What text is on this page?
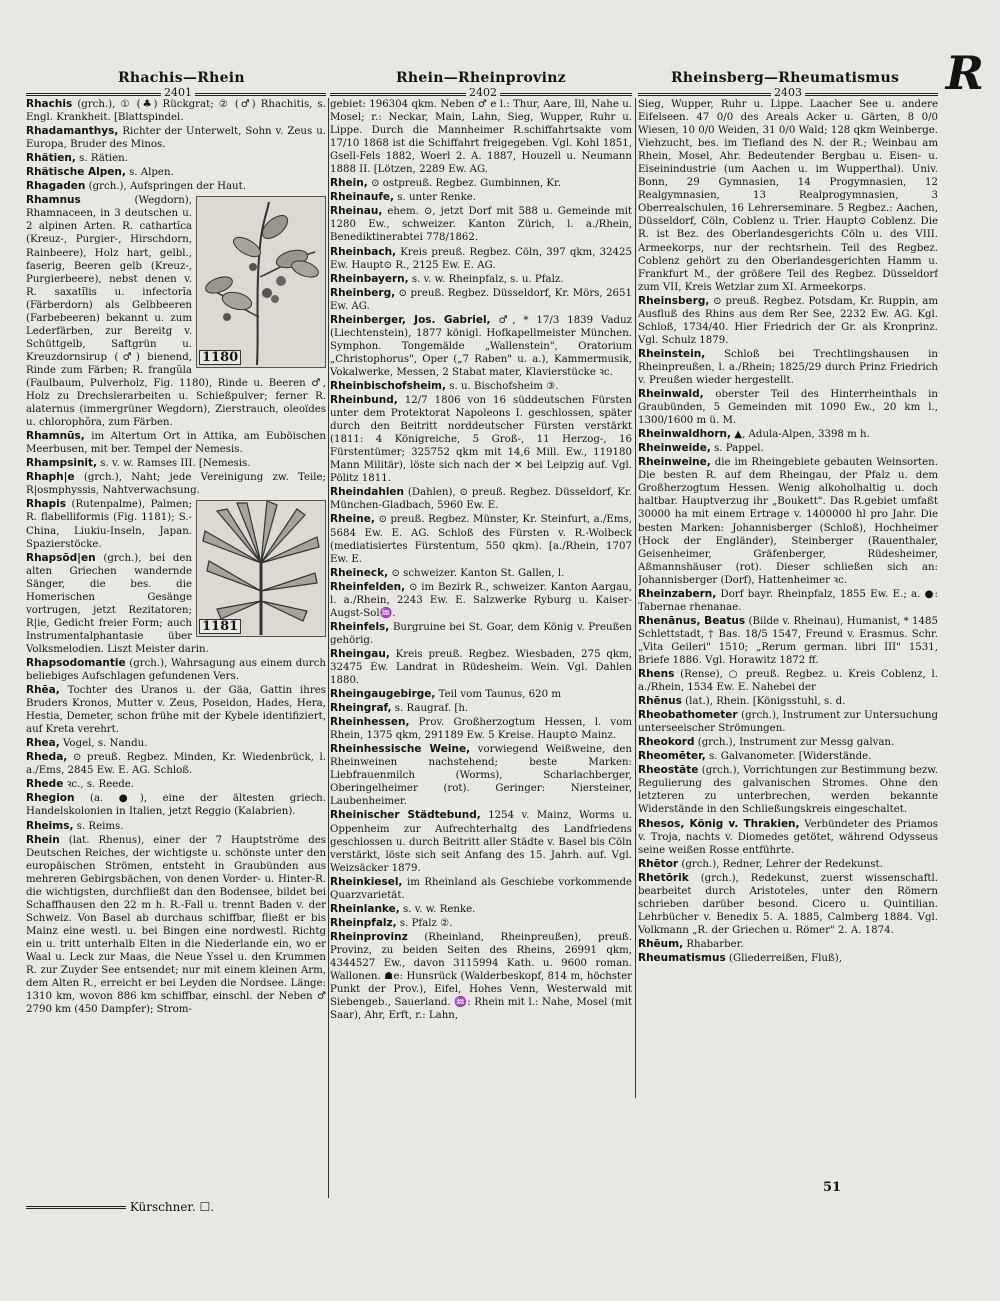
Rhachis—Rhein	Rhein—Rheinprovinz	Rheinsberg—Rheumatismus R
2401	2402	2403

Rhachis (grch.), ① (♣) Rückgrat; ② (♂) Rhachitis, s. Engl. Krankheit. [Blattspindel.

Rhadamanthys, Richter der Unterwelt, Sohn v. Zeus u. Europa, Bruder des Minos.

Rhätien, s. Rätien.

Rhätische Alpen, s. Alpen.

Rhagaden (grch.), Aufspringen der Haut.

1180

Rhamnus	(Wegdorn), Rhamnaceen, in 3 deutschen u. 2 alpinen Arten. R. cathartĭca (Kreuz-, Purgier-, Hirschdorn, Rainbeere), Holz hart, gelbl., faserig, Beeren gelb (Kreuz-, Purgierbeere), nebst denen v. R. saxatĭlis u. infectorĭa (Färberdorn) als Gelbbeeren (Farbebeeren) bekannt u. zum Lederfärben, zur Bereitg v. Schüttgelb, Saftgrün u. Kreuzdornsirup (♂) bienend, Rinde zum Färben; R. frangŭla (Faulbaum, Pulverholz, Fig. 1180), Rinde u. Beeren ♂, Holz zu Drechslerarbeiten u. Schießpulver; ferner R. alaternus (immergrüner Wegdorn), Zierstrauch, oleoïdes u. chlorophŏra, zum Färben.

Rhamnūs, im Altertum Ort in Attika, am Euböischen Meerbusen, mit ber. Tempel der Nemesis.

Rhampsinit, s. v. w. Ramses III. [Nemesis.

Rhaph|e (grch.), Naht; jede Vereinigung zw. Teile; R|osmphyssis, Nahtverwachsung.

1181

Rhapis (Rutenpalme), Palmen; R. flabelliformis (Fig. 1181); S.-China, Liukiu-Inseln, Japan. Spazierstöcke.

Rhapsōd|en (grch.), bei den alten Griechen wandernde Sänger, die bes. die Homerischen Gesänge vortrugen, jetzt Rezitatoren; R|ie, Gedicht freier Form; auch Instrumentalphantasie über Volksmelodien. Liszt Meister darin.

Rhapsodomantie (grch.), Wahrsagung aus einem durch beliebiges Aufschlagen gefundenen Vers.

Rhēa, Tochter des Uranos u. der Gäa, Gattin ihres Bruders Kronos, Mutter v. Zeus, Poseidon, Hades, Hera, Hestia, Demeter, schon frühe mit der Kybele identifiziert, auf Kreta verehrt.

Rhea, Vogel, s. Nandu.

Rheda, ⊙ preuß. Regbez. Minden, Kr. Wiedenbrück, l. a./Ems, 2845 Ew. E. AG. Schloß.

Rhede ꝛc., s. Reede.

Rhegion (a. ●), eine der ältesten griech. Handelskolonien in Italien, jetzt Reggio (Kalabrien).

Rheims, s. Reims.

Rhein (lat. Rhenus), einer der 7 Hauptströme des Deutschen Reiches, der wichtigste u. schönste unter den europäischen Strömen, entsteht in Graubünden aus mehreren Gebirgsbächen, von denen Vorder- u. Hinter-R. die wichtigsten, durchfließt dan den Bodensee, bildet bei Schaffhausen den 22 m h. R.-Fall u. trennt Baden v. der Schweiz. Von Basel ab durchaus schiffbar, fließt er bis Mainz eine westl. u. bei Bingen eine nordwestl. Richtg ein u. tritt unterhalb Elten in die Niederlande ein, wo er Waal u. Leck zur Maas, die Neue Yssel u. den Krummen R. zur Zuyder See entsendet; nur mit einem kleinen Arm, dem Alten R., erreicht er bei Leyden die Nordsee. Länge: 1310 km, wovon 886 km schiffbar, einschl. der Neben ♂ 2790 km (450 Dampfer); Strom-

gebiet: 196304 qkm. Neben ♂ e l.: Thur, Aare, Ill, Nahe u. Mosel; r.: Neckar, Main, Lahn, Sieg, Wupper, Ruhr u. Lippe. Durch die Mannheimer R.schiffahrtsakte vom 17/10 1868 ist die Schiffahrt freigegeben. Vgl. Kohl 1851, Gsell-Fels 1882, Woerl 2. A. 1887, Houzell u. Neumann 1888 II. [Lötzen, 2289 Ew. AG.

Rhein, ⊙ ostpreuß. Regbez. Gumbinnen, Kr.

Rheinaufe, s. unter Renke.

Rheinau, ehem. ⊙, jetzt Dorf mit 588 u. Gemeinde mit 1280 Ew., schweizer. Kanton Zürich, l. a./Rhein, Benediktinerabtei 778/1862.

Rheinbach, Kreis preuß. Regbez. Cöln, 397 qkm, 32425 Ew. Haupt⊙ R., 2125 Ew. E. AG.

Rheinbayern, s. v. w. Rheinpfalz, s. u. Pfalz.

Rheinberg, ⊙ preuß. Regbez. Düsseldorf, Kr. Mörs, 2651 Ew. AG.

Rheinberger, Jos. Gabriel, ♂, * 17/3 1839 Vaduz (Liechtenstein), 1877 königl. Hofkapellmeister München. Symphon. Tongemälde „Wallenstein", Oratorium „Christophorus", Oper („7 Raben" u. a.), Kammermusik, Vokalwerke, Messen, 2 Stabat mater, Klavierstücke ꝛc.

Rheinbischofsheim, s. u. Bischofsheim ③.

Rheinbund, 12/7 1806 von 16 süddeutschen Fürsten unter dem Protektorat Napoleons I. geschlossen, später durch den Beitritt norddeutscher Fürsten verstärkt (1811: 4 Königreiche, 5 Groß-, 11 Herzog-, 16 Fürstentümer; 325752 qkm mit 14,6 Mill. Ew., 119180 Mann Militär), löste sich nach der ✕ bei Leipzig auf. Vgl. Pölitz 1811.

Rheindahlen (Dahlen), ⊙ preuß. Regbez. Düsseldorf, Kr. München-Gladbach, 5960 Ew. E.

Rheine, ⊙ preuß. Regbez. Münster, Kr. Steinfurt, a./Ems, 5684 Ew. E. AG. Schloß des Fürsten v. R.-Wolbeck (mediatisiertes Fürstentum, 550 qkm). [a./Rhein, 1707 Ew. E.

Rheineck, ⊙ schweizer. Kanton St. Gallen, l.

Rheinfelden, ⊙ im Bezirk R., schweizer. Kanton Aargau, l. a./Rhein, 2243 Ew. E. Salzwerke Ryburg u. Kaiser-Augst-Sol♒.

Rheinfels, Burgruine bei St. Goar, dem König v. Preußen gehörig.

Rheingau, Kreis preuß. Regbez. Wiesbaden, 275 qkm, 32475 Ew. Landrat in Rüdesheim. Wein. Vgl. Dahlen 1880.

Rheingaugebirge, Teil vom Taunus, 620 m

Rheingraf, s. Raugraf. [h.

Rheinhessen, Prov. Großherzogtum Hessen, l. vom Rhein, 1375 qkm, 291189 Ew. 5 Kreise. Haupt⊙ Mainz.

Rheinhessische Weine, vorwiegend Weißweine, den Rheinweinen nachstehend; beste Marken: Liebfrauenmilch (Worms), Scharlachberger, Oberingelheimer (rot). Geringer: Niersteiner, Laubenheimer.

Rheinischer Städtebund, 1254 v. Mainz, Worms u. Oppenheim zur Aufrechterhaltg des Landfriedens geschlossen u. durch Beitritt aller Städte v. Basel bis Cöln verstärkt, löste sich seit Anfang des 15. Jahrh. auf. Vgl. Weizsäcker 1879.

Rheinkiesel, im Rheinland als Geschiebe vorkommende Quarzvarietät.

Rheinlanke, s. v. w. Renke.

Rheinpfalz, s. Pfalz ②.

Rheinprovinz (Rheinland, Rheinpreußen), preuß. Provinz, zu beiden Seiten des Rheins, 26991 qkm, 4344527 Ew., davon 3115994 Kath. u. 9600 roman. Wallonen. ☗e: Hunsrück (Walderbeskopf, 814 m, höchster Punkt der Prov.), Eifel, Hohes Venn, Westerwald mit Siebengeb., Sauerland. ♒: Rhein mit l.: Nahe, Mosel (mit Saar), Ahr, Erft, r.: Lahn,

Sieg, Wupper, Ruhr u. Lippe. Laacher See u. andere Eifelseen. 47 0/0 des Areals Acker u. Gärten, 8 0/0 Wiesen, 10 0/0 Weiden, 31 0/0 Wald; 128 qkm Weinberge. Viehzucht, bes. im Tiefland des N. der R.; Weinbau am Rhein, Mosel, Ahr. Bedeutender Bergbau u. Eisen- u. Eiseinindustrie (um Aachen u. im Wupperthal). Univ. Bonn, 29 Gymnasien, 14 Progymnasien, 12 Realgymnasien, 13 Realprogymnasien, 3 Oberrealschulen, 16 Lehrerseminare. 5 Regbez.: Aachen, Düsseldorf, Cöln, Coblenz u. Trier. Haupt⊙ Coblenz. Die R. ist Bez. des Oberlandesgerichts Cöln u. des VIII. Armeekorps, nur der rechtsrhein. Teil des Regbez. Coblenz gehört zu den Oberlandesgerichten Hamm u. Frankfurt M., der größere Teil des Regbez. Düsseldorf zum VII, Kreis Wetzlar zum XI. Armeekorps.

Rheinsberg, ⊙ preuß. Regbez. Potsdam, Kr. Ruppin, am Ausfluß des Rhins aus dem Rer See, 2232 Ew. AG. Kgl. Schloß, 1734/40. Hier Friedrich der Gr. als Kronprinz. Vgl. Schulz 1879.

Rheinstein, Schloß bei Trechtlingshausen in Rheinpreußen, l. a./Rhein; 1825/29 durch Prinz Friedrich v. Preußen wieder hergestellt.

Rheinwald, oberster Teil des Hinterrheinthals in Graubünden, 5 Gemeinden mit 1090 Ew., 20 km l., 1300/1600 m ü. M.

Rheinwaldhorn, ▲, Adula-Alpen, 3398 m h.

Rheinweide, s. Pappel.

Rheinweine, die im Rheingebiete gebauten Weinsorten. Die besten R. auf dem Rheingau, der Pfalz u. dem Großherzogtum Hessen. Wenig alkoholhaltig u. doch haltbar. Hauptverzug ihr „Boukett". Das R.gebiet umfaßt 30000 ha mit einem Ertrage v. 1400000 hl pro Jahr. Die besten Marken: Johannisberger (Schloß), Hochheimer (Hock der Engländer), Steinberger (Rauenthaler, Geisenheimer, Gräfenberger, Rüdesheimer, Aßmannshäuser (rot). Dieser schließen sich an: Johannisberger (Dorf), Hattenheimer ꝛc.

Rheinzabern, Dorf bayr. Rheinpfalz, 1855 Ew. E.; a. ●: Tabernae rhenanae.

Rhenānus, Beatus (Bilde v. Rheinau), Humanist, * 1485 Schlettstadt, † Bas. 18/5 1547, Freund v. Erasmus. Schr. „Vita Geileri" 1510; „Rerum german. libri III" 1531, Briefe 1886. Vgl. Horawitz 1872 ff.

Rhens (Rense), ○ preuß. Regbez. u. Kreis Coblenz, l. a./Rhein, 1534 Ew. E. Nahebei der

Rhēnus (lat.), Rhein. [Königsstuhl, s. d.

Rheobathometer (grch.), Instrument zur Untersuchung unterseeischer Strömungen.

Rheokord (grch.), Instrument zur Messg galvan.

Rheomēter, s. Galvanometer. [Widerstände.

Rheostāte (grch.), Vorrichtungen zur Bestimmung bezw. Regulierung des galvanischen Stromes. Ohne den letzteren zu unterbrechen, werden bekannte Widerstände in den Schließungskreis eingeschaltet.

Rhesos, König v. Thrakien, Verbündeter des Priamos v. Troja, nachts v. Diomedes getötet, während Odysseus seine weißen Rosse entführte.

Rhētor (grch.), Redner, Lehrer der Redekunst.

Rhetōrik (grch.), Redekunst, zuerst wissenschaftl. bearbeitet durch Aristoteles, unter den Römern schrieben darüber besond. Cicero u. Quintilian. Lehrbücher v. Benedix 5. A. 1885, Calmberg 1884. Vgl. Volkmann „R. der Griechen u. Römer" 2. A. 1874.

Rhēum, Rhabarber.

Rheumatismus (Gliederreißen, Fluß),

Kürschner. ☐.
51
